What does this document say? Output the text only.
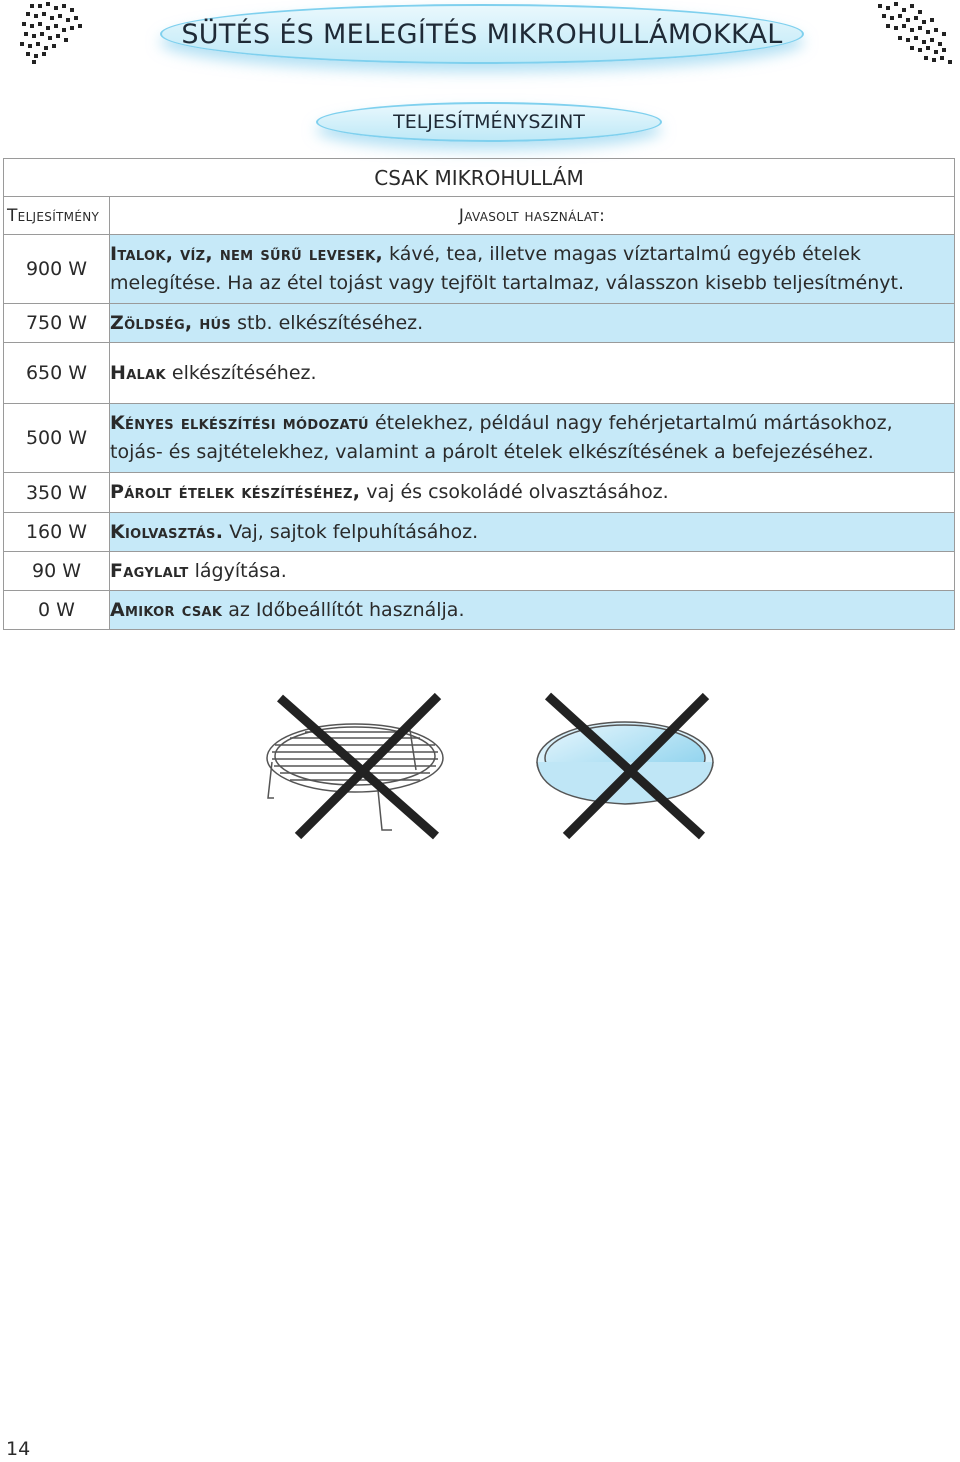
SÜTÉS ÉS MELEGÍTÉS MIKROHULLÁMOKKAL
TELJESÍTMÉNYSZINT
CSAK MIKROHULLÁM	
Teljesítmény	Javasolt használat:
900 W	Italok, víz, nem sűrű levesek, kávé, tea, illetve magas víztartalmú egyéb ételek
melegítése. Ha az étel tojást vagy tejfölt tartalmaz, válasszon kisebb teljesítményt.
750 W	Zöldség, hús stb. elkészítéséhez.
650 W	Halak elkészítéséhez.
500 W	Kényes elkészítési módozatú ételekhez, például nagy fehérjetartalmú mártásokhoz,
tojás- és sajtételekhez, valamint a párolt ételek elkészítésének a befejezéséhez.
350 W	Párolt ételek készítéséhez, vaj és csokoládé olvasztásához.
160 W	Kiolvasztás. Vaj, sajtok felpuhításához.
90 W	Fagylalt lágyítása.
0 W	Amikor csak az Időbeállítót használja.
14
